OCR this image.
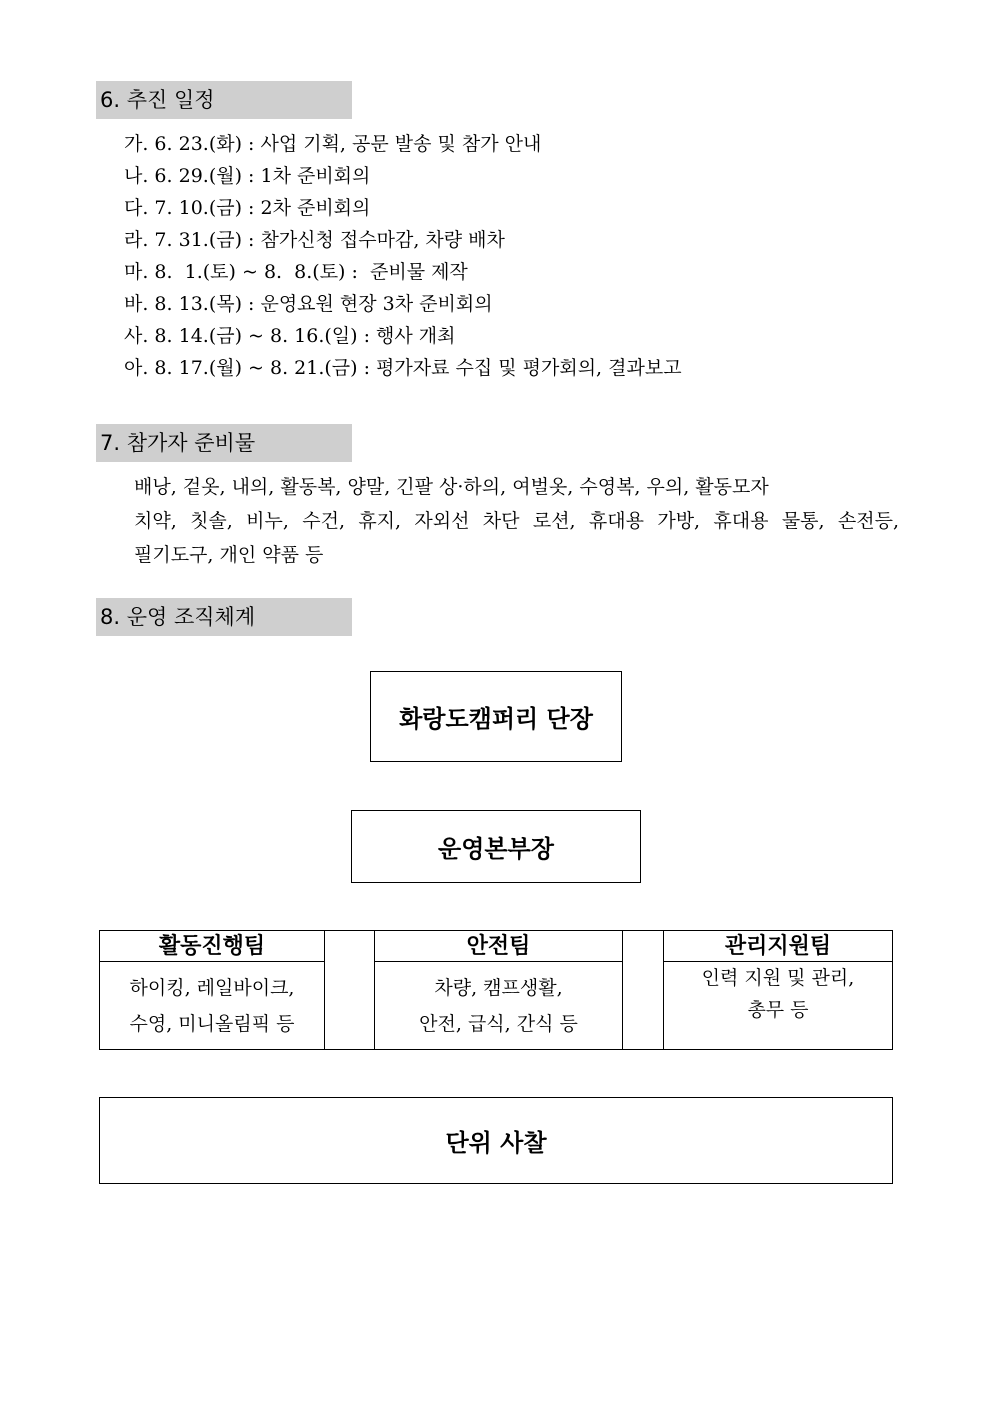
6. 추진 일정
가. 6. 23.(화) : 사업 기획, 공문 발송 및 참가 안내
나. 6. 29.(월) : 1차 준비회의
다. 7. 10.(금) : 2차 준비회의
라. 7. 31.(금) : 참가신청 접수마감, 차량 배차
마. 8.  1.(토) ~ 8.  8.(토) :  준비물 제작
바. 8. 13.(목) : 운영요원 현장 3차 준비회의
사. 8. 14.(금) ~ 8. 16.(일) : 행사 개최
아. 8. 17.(월) ~ 8. 21.(금) : 평가자료 수집 및 평가회의, 결과보고
7. 참가자 준비물
배낭, 겉옷, 내의, 활동복, 양말, 긴팔 상·하의, 여벌옷, 수영복, 우의, 활동모자
치약, 칫솔, 비누, 수건, 휴지, 자외선 차단 로션, 휴대용 가방, 휴대용 물통, 손전등,
필기도구, 개인 약품 등
8. 운영 조직체계
화랑도캠퍼리 단장
운영본부장
활동진행팀
하이킹, 레일바이크,
수영, 미니올림픽 등
안전팀
차량, 캠프생활,
안전, 급식, 간식 등
관리지원팀
인력 지원 및 관리,
총무 등
단위 사찰
